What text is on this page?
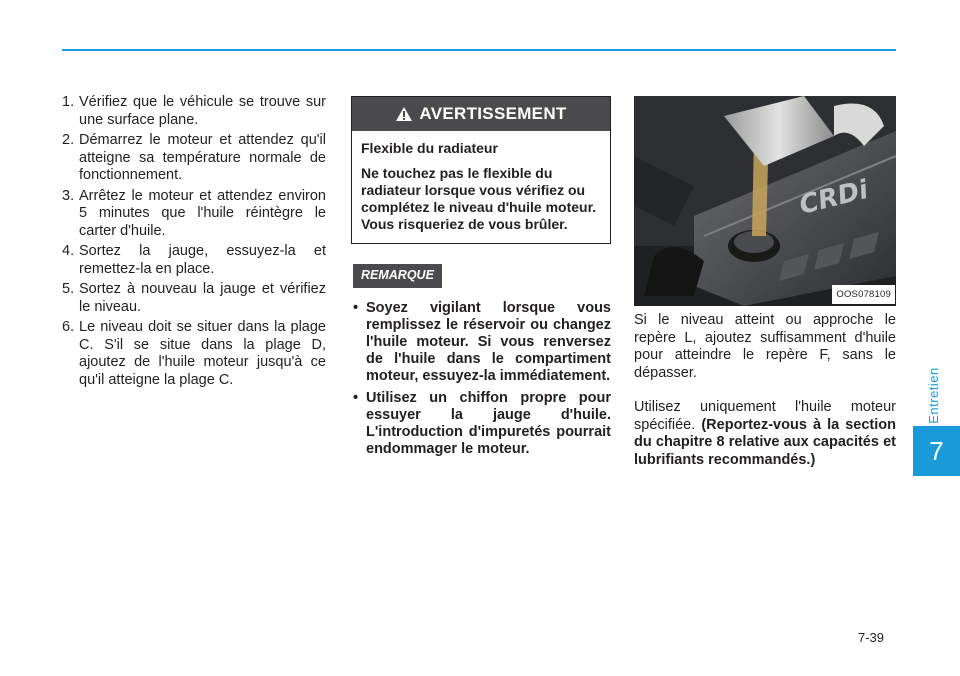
Entretien
7
1. Vérifiez que le véhicule se trouve sur une surface plane.
2. Démarrez le moteur et attendez qu'il atteigne sa température normale de fonctionnement.
3. Arrêtez le moteur et attendez environ 5 minutes que l'huile réintègre le carter d'huile.
4. Sortez la jauge, essuyez-la et remettez-la en place.
5. Sortez à nouveau la jauge et vérifiez le niveau.
6. Le niveau doit se situer dans la plage C. S'il se situe dans la plage D, ajoutez de l'huile moteur jusqu'à ce qu'il atteigne la plage C.
AVERTISSEMENT

Flexible du radiateur

Ne touchez pas le flexible du radiateur lorsque vous vérifiez ou complétez le niveau d'huile moteur. Vous risqueriez de vous brûler.

REMARQUE
• Soyez vigilant lorsque vous remplissez le réservoir ou changez l'huile moteur. Si vous renversez de l'huile dans le compartiment moteur, essuyez-la immédiatement.
• Utilisez un chiffon propre pour essuyer la jauge d'huile. L'introduction d'impuretés pourrait endommager le moteur.
CRDi
OOS078109

Si le niveau atteint ou approche le repère L, ajoutez suffisamment d'huile pour atteindre le repère F, sans le dépasser.

Utilisez uniquement l'huile moteur spécifiée. (Reportez-vous à la section du chapitre 8 relative aux capacités et lubrifiants recommandés.)

7-39
